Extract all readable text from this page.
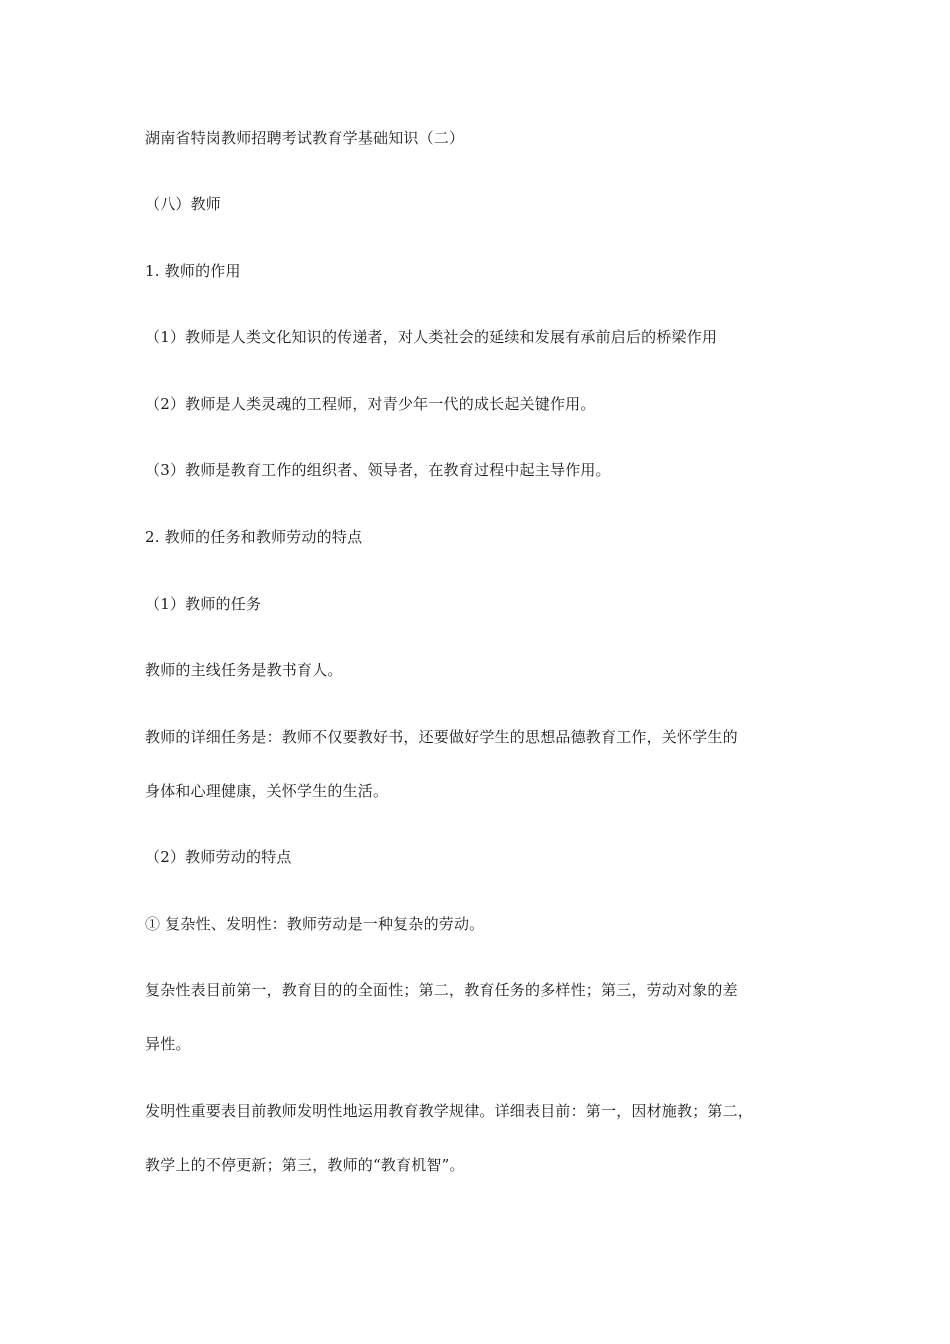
湖南省特岗教师招聘考试教育学基础知识（二）
（八）教师
1. 教师的作用
（1）教师是人类文化知识的传递者，对人类社会的延续和发展有承前启后的桥梁作用
（2）教师是人类灵魂的工程师，对青少年一代的成长起关键作用。
（3）教师是教育工作的组织者、领导者，在教育过程中起主导作用。
2. 教师的任务和教师劳动的特点
（1）教师的任务
教师的主线任务是教书育人。
教师的详细任务是：教师不仅要教好书，还要做好学生的思想品德教育工作，关怀学生的
身体和心理健康，关怀学生的生活。
（2）教师劳动的特点
① 复杂性、发明性：教师劳动是一种复杂的劳动。
复杂性表目前第一，教育目的的全面性；第二，教育任务的多样性；第三，劳动对象的差
异性。
发明性重要表目前教师发明性地运用教育教学规律。详细表目前：第一，因材施教；第二，
教学上的不停更新；第三，教师的“教育机智”。
